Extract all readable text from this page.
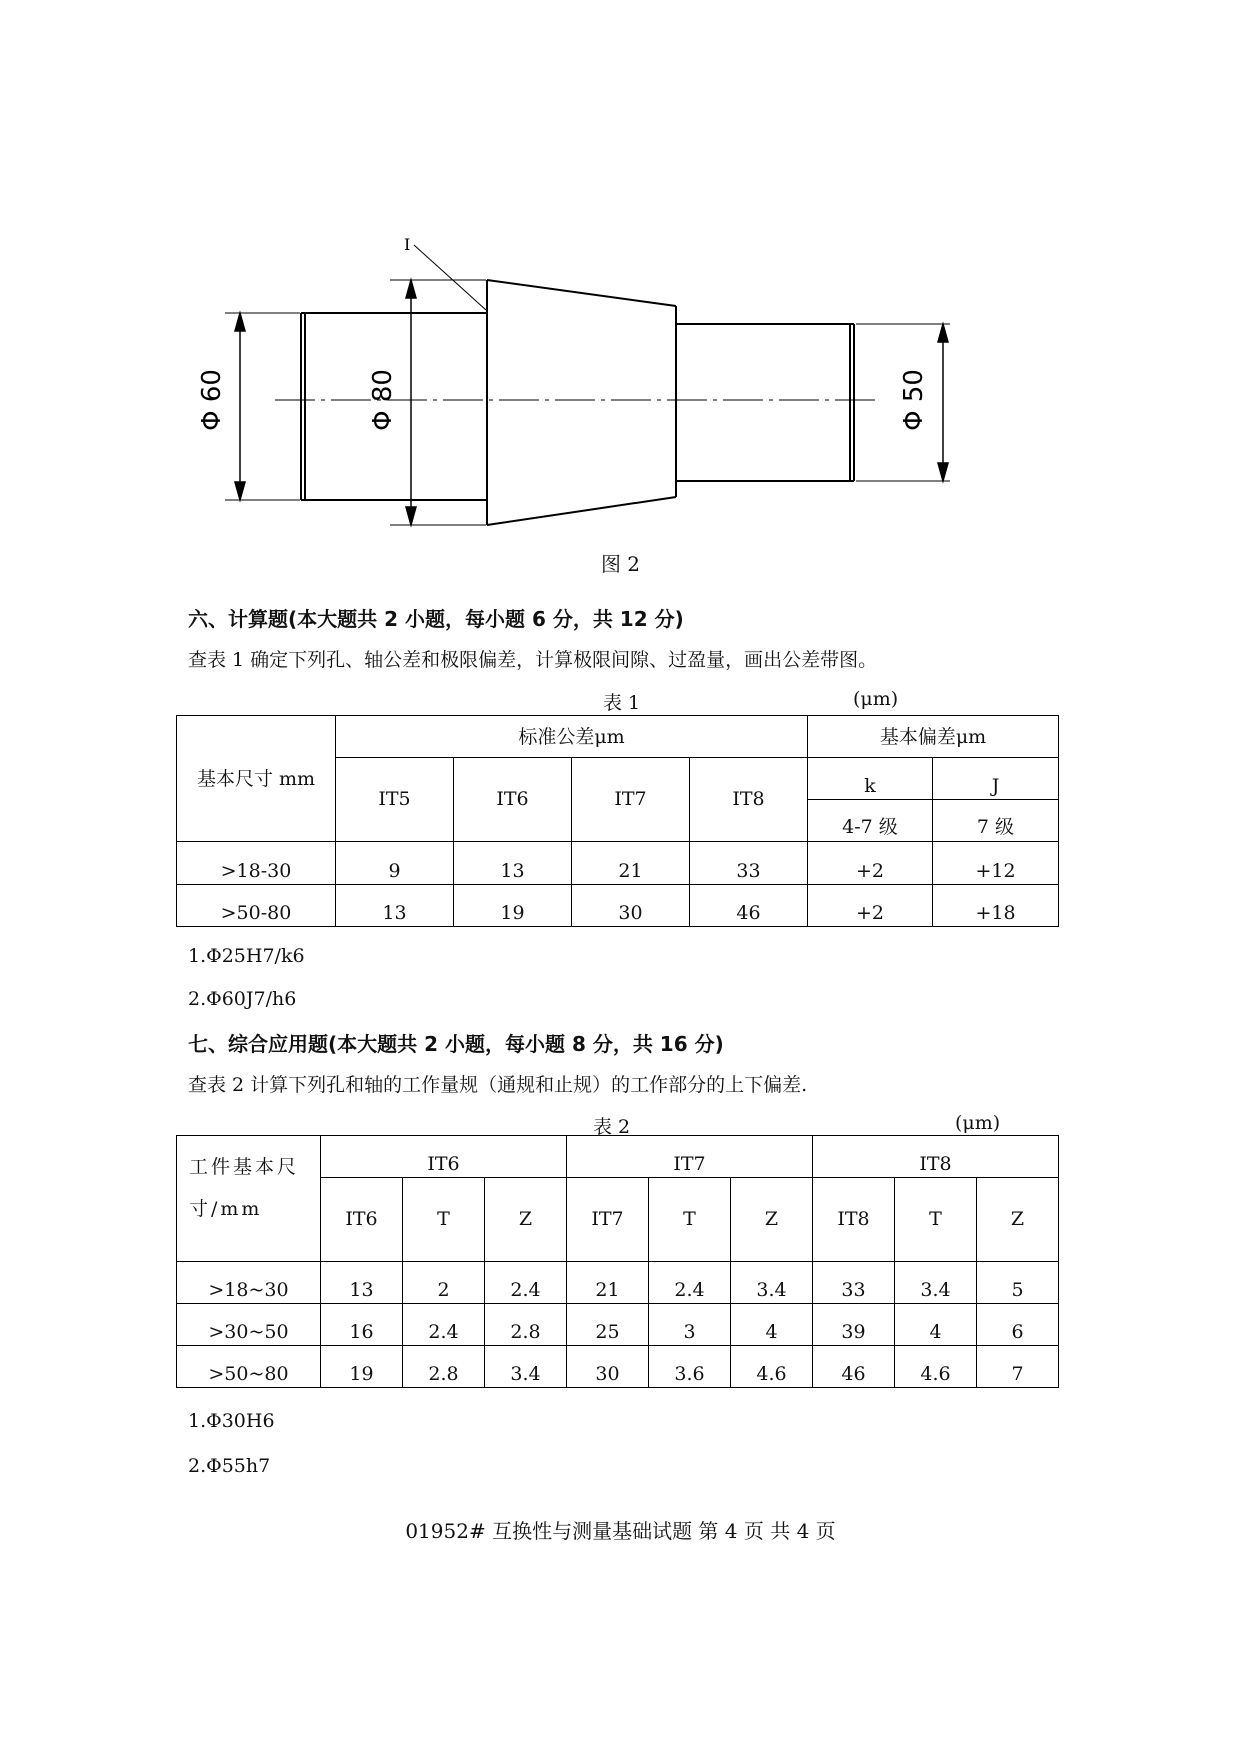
Φ 60	Φ 80	Φ 50
I
图 2
六、计算题(本大题共 2 小题，每小题 6 分，共 12 分)
查表 1 确定下列孔、轴公差和极限偏差，计算极限间隙、过盈量，画出公差带图。
表 1	(μm)
基本尺寸 mm	标准公差μm				基本偏差μm	
	IT5	IT6	IT7	IT8	k	J
					4-7 级	7 级
>18-30	9	13	21	33	+2	+12
>50-80	13	19	30	46	+2	+18
1.Φ25H7/k6
2.Φ60J7/h6
七、综合应用题(本大题共 2 小题，每小题 8 分，共 16 分)
查表 2 计算下列孔和轴的工作量规（通规和止规）的工作部分的上下偏差.
表 2	(μm)
工件基本尺寸/mm	IT6			IT7			IT8		
	IT6	T	Z	IT7	T	Z	IT8	T	Z
>18~30	13	2	2.4	21	2.4	3.4	33	3.4	5
>30~50	16	2.4	2.8	25	3	4	39	4	6
>50~80	19	2.8	3.4	30	3.6	4.6	46	4.6	7
1.Φ30H6
2.Φ55h7
01952# 互换性与测量基础试题 第 4 页 共 4 页
